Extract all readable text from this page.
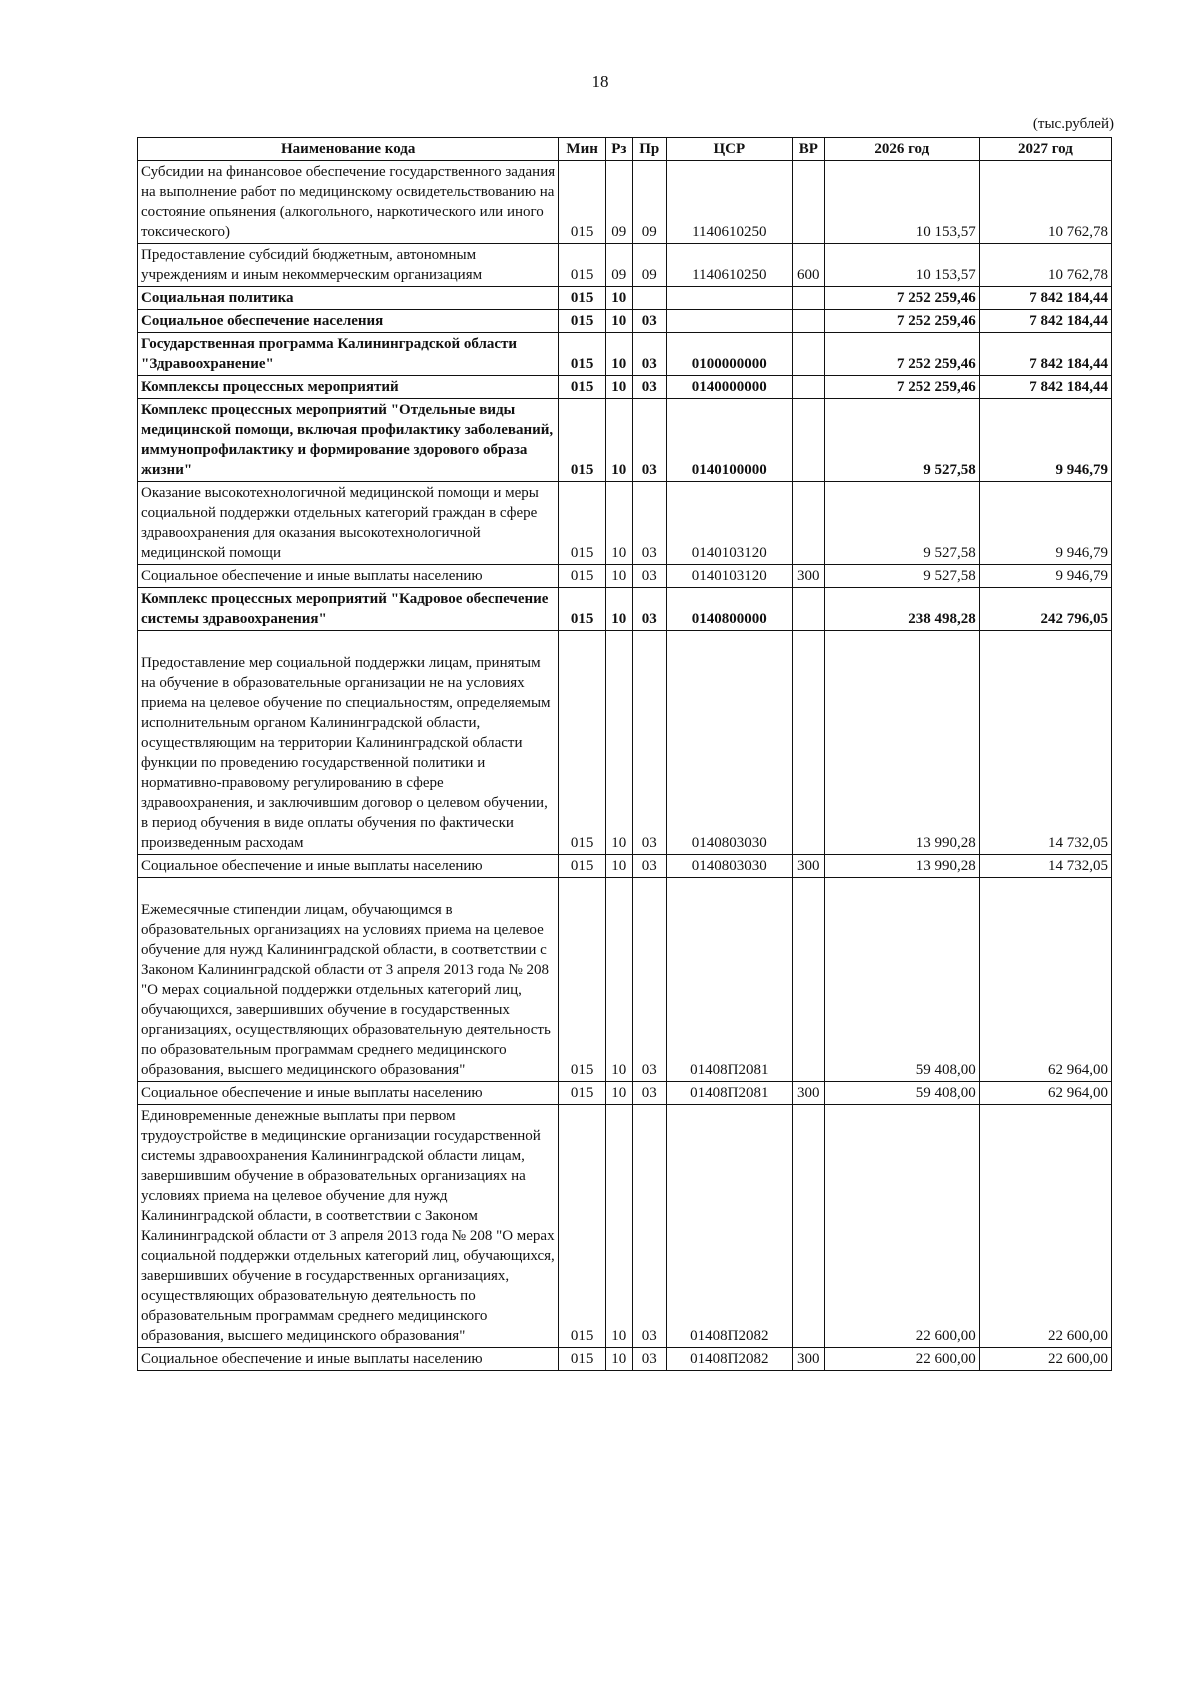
18
(тыс.рублей)
Наименование кода	Мин	Рз	Пр	ЦСР	ВР	2026 год	2027 год
Субсидии на финансовое обеспечение государственного задания на выполнение работ по медицинскому освидетельствованию на состояние опьянения (алкогольного, наркотического или иного токсического)	015	09	09	1140610250		10 153,57	10 762,78
Предоставление субсидий бюджетным, автономным учреждениям и иным некоммерческим организациям	015	09	09	1140610250	600	10 153,57	10 762,78
Социальная политика	015	10				7 252 259,46	7 842 184,44
Социальное обеспечение населения	015	10	03			7 252 259,46	7 842 184,44
Государственная программа Калининградской области "Здравоохранение"	015	10	03	0100000000		7 252 259,46	7 842 184,44
Комплексы процессных мероприятий	015	10	03	0140000000		7 252 259,46	7 842 184,44
Комплекс процессных мероприятий "Отдельные виды медицинской помощи, включая профилактику заболеваний, иммунопрофилактику и формирование здорового образа жизни"	015	10	03	0140100000		9 527,58	9 946,79
Оказание высокотехнологичной медицинской помощи и меры социальной поддержки отдельных категорий граждан в сфере здравоохранения для оказания высокотехнологичной медицинской помощи	015	10	03	0140103120		9 527,58	9 946,79
Социальное обеспечение и иные выплаты населению	015	10	03	0140103120	300	9 527,58	9 946,79
Комплекс процессных мероприятий "Кадровое обеспечение системы здравоохранения"	015	10	03	0140800000		238 498,28	242 796,05
Предоставление мер социальной поддержки лицам, принятым на обучение в образовательные организации не на условиях приема на целевое обучение по специальностям, определяемым исполнительным органом Калининградской области, осуществляющим на территории Калининградской области функции по проведению государственной политики и нормативно-правовому регулированию в сфере здравоохранения, и заключившим договор о целевом обучении, в период обучения в виде оплаты обучения по фактически произведенным расходам	015	10	03	0140803030		13 990,28	14 732,05
Социальное обеспечение и иные выплаты населению	015	10	03	0140803030	300	13 990,28	14 732,05
Ежемесячные стипендии лицам, обучающимся в образовательных организациях на условиях приема на целевое обучение для нужд Калининградской области, в соответствии с Законом Калининградской области от 3 апреля 2013 года № 208 "О мерах социальной поддержки отдельных категорий лиц, обучающихся, завершивших обучение в государственных организациях, осуществляющих образовательную деятельность по образовательным программам среднего медицинского образования, высшего медицинского образования"	015	10	03	01408П2081		59 408,00	62 964,00
Социальное обеспечение и иные выплаты населению	015	10	03	01408П2081	300	59 408,00	62 964,00
Единовременные денежные выплаты при первом трудоустройстве в медицинские организации государственной системы здравоохранения Калининградской области лицам, завершившим обучение в образовательных организациях на условиях приема на целевое обучение для нужд Калининградской области, в соответствии с Законом Калининградской области от 3 апреля 2013 года № 208 "О мерах социальной поддержки отдельных категорий лиц, обучающихся, завершивших обучение в государственных организациях, осуществляющих образовательную деятельность по образовательным программам среднего медицинского образования, высшего медицинского образования"	015	10	03	01408П2082		22 600,00	22 600,00
Социальное обеспечение и иные выплаты населению	015	10	03	01408П2082	300	22 600,00	22 600,00
